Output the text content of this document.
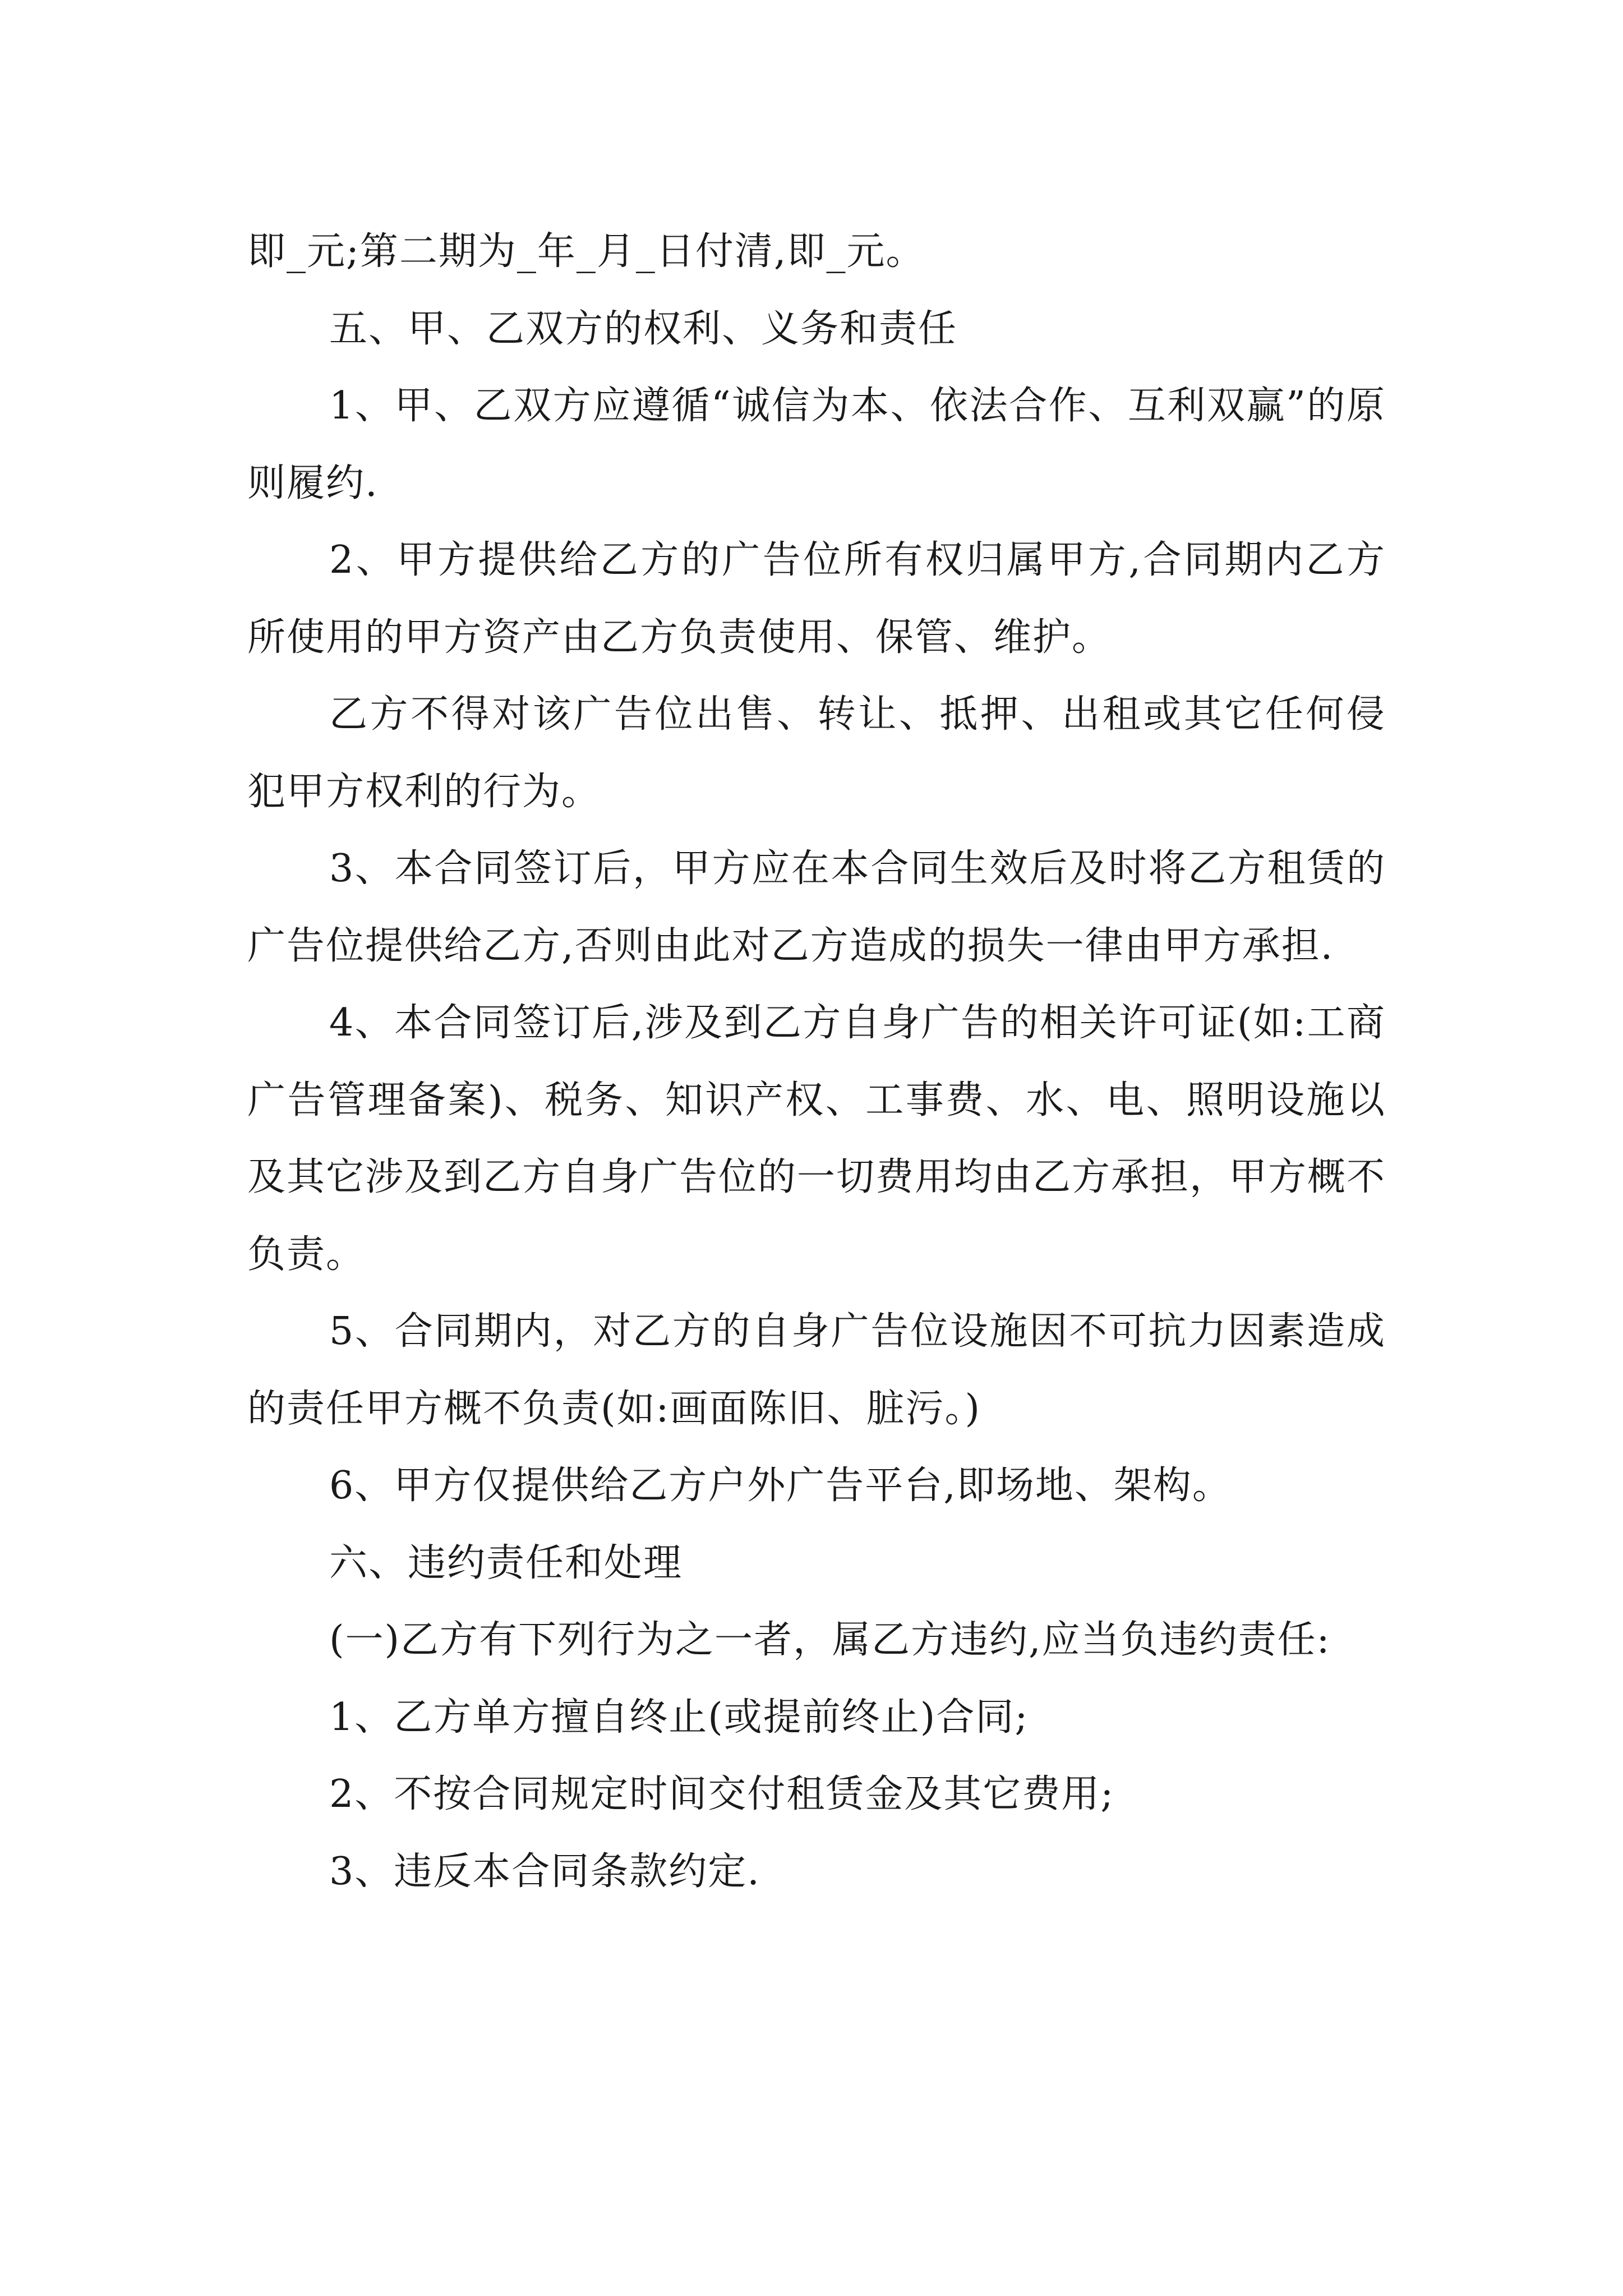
即_元;第二期为_年_月_日付清,即_元。

五、甲、乙双方的权利、义务和责任

1、甲、乙双方应遵循“诚信为本、依法合作、互利双赢”的原则履约.

2、甲方提供给乙方的广告位所有权归属甲方,合同期内乙方所使用的甲方资产由乙方负责使用、保管、维护。

乙方不得对该广告位出售、转让、抵押、出租或其它任何侵犯甲方权利的行为。

3、本合同签订后，甲方应在本合同生效后及时将乙方租赁的广告位提供给乙方,否则由此对乙方造成的损失一律由甲方承担.

4、本合同签订后,涉及到乙方自身广告的相关许可证(如:工商广告管理备案)、税务、知识产权、工事费、水、电、照明设施以及其它涉及到乙方自身广告位的一切费用均由乙方承担，甲方概不负责。

5、合同期内，对乙方的自身广告位设施因不可抗力因素造成的责任甲方概不负责(如:画面陈旧、脏污。)

6、甲方仅提供给乙方户外广告平台,即场地、架构。

六、违约责任和处理

(一)乙方有下列行为之一者，属乙方违约,应当负违约责任:

1、乙方单方擅自终止(或提前终止)合同;

2、不按合同规定时间交付租赁金及其它费用;

3、违反本合同条款约定.
